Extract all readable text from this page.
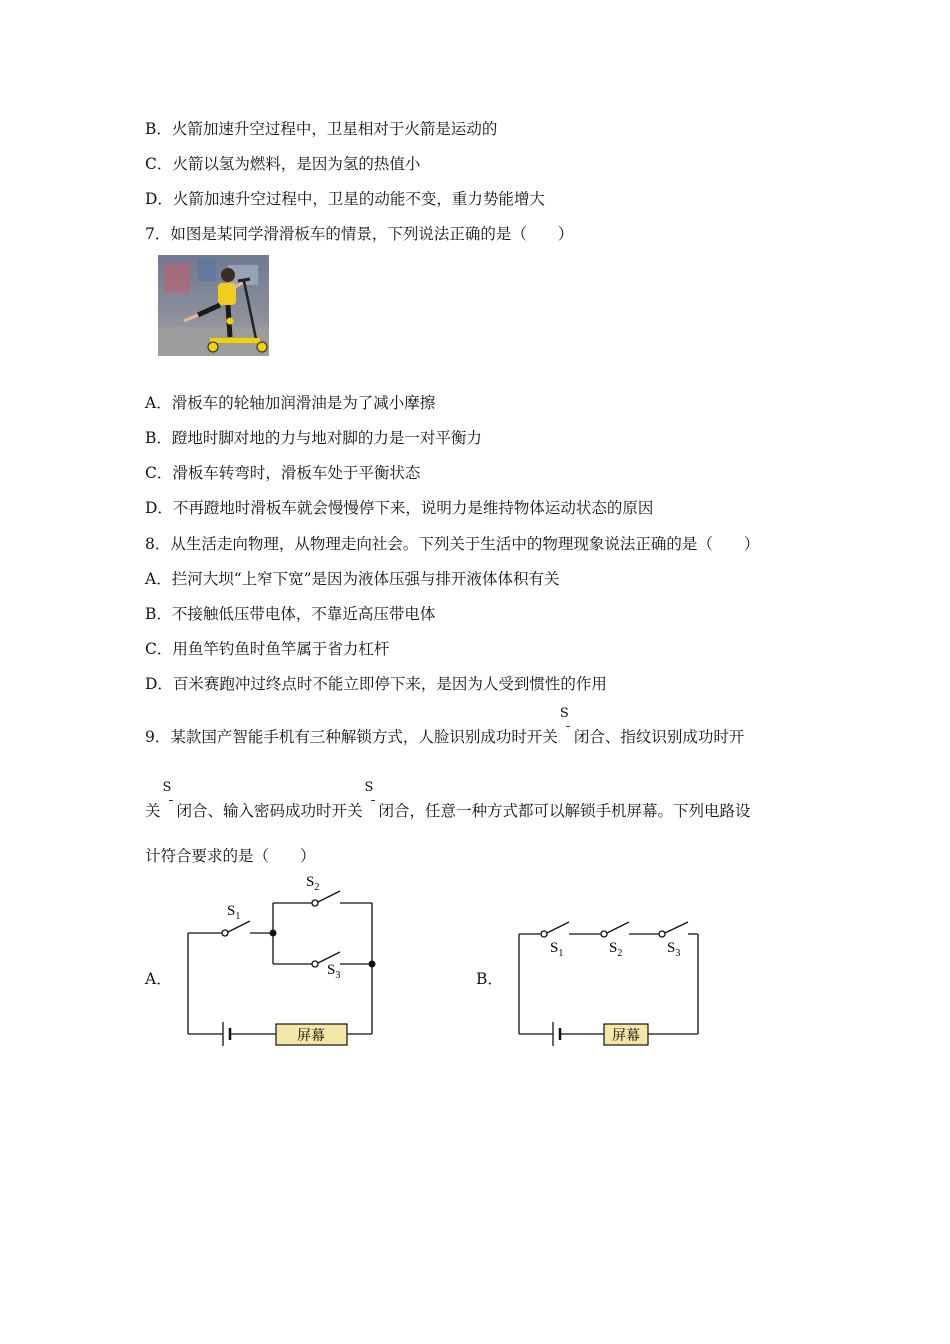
B．火箭加速升空过程中，卫星相对于火箭是运动的
C．火箭以氢为燃料，是因为氢的热值小
D．火箭加速升空过程中，卫星的动能不变，重力势能增大
7．如图是某同学滑滑板车的情景，下列说法正确的是（　　）
A．滑板车的轮轴加润滑油是为了减小摩擦
B．蹬地时脚对地的力与地对脚的力是一对平衡力
C．滑板车转弯时，滑板车处于平衡状态
D．不再蹬地时滑板车就会慢慢停下来，说明力是维持物体运动状态的原因
8．从生活走向物理，从物理走向社会。下列关于生活中的物理现象说法正确的是（　　）
A．拦河大坝“上窄下宽”是因为液体压强与排开液体体积有关
B．不接触低压带电体，不靠近高压带电体
C．用鱼竿钓鱼时鱼竿属于省力杠杆
D．百米赛跑冲过终点时不能立即停下来，是因为人受到惯性的作用
9．某款国产智能手机有三种解锁方式，人脸识别成功时开关
S
闭合、指纹识别成功时开
关
S
闭合、输入密码成功时开关
S
闭合，任意一种方式都可以解锁手机屏幕。下列电路设
计符合要求的是（　　）
A．
屏幕
$S_1$
$S_2$
$S_3$	B．
屏幕
$S_1$	$S_2$	$S_3$
